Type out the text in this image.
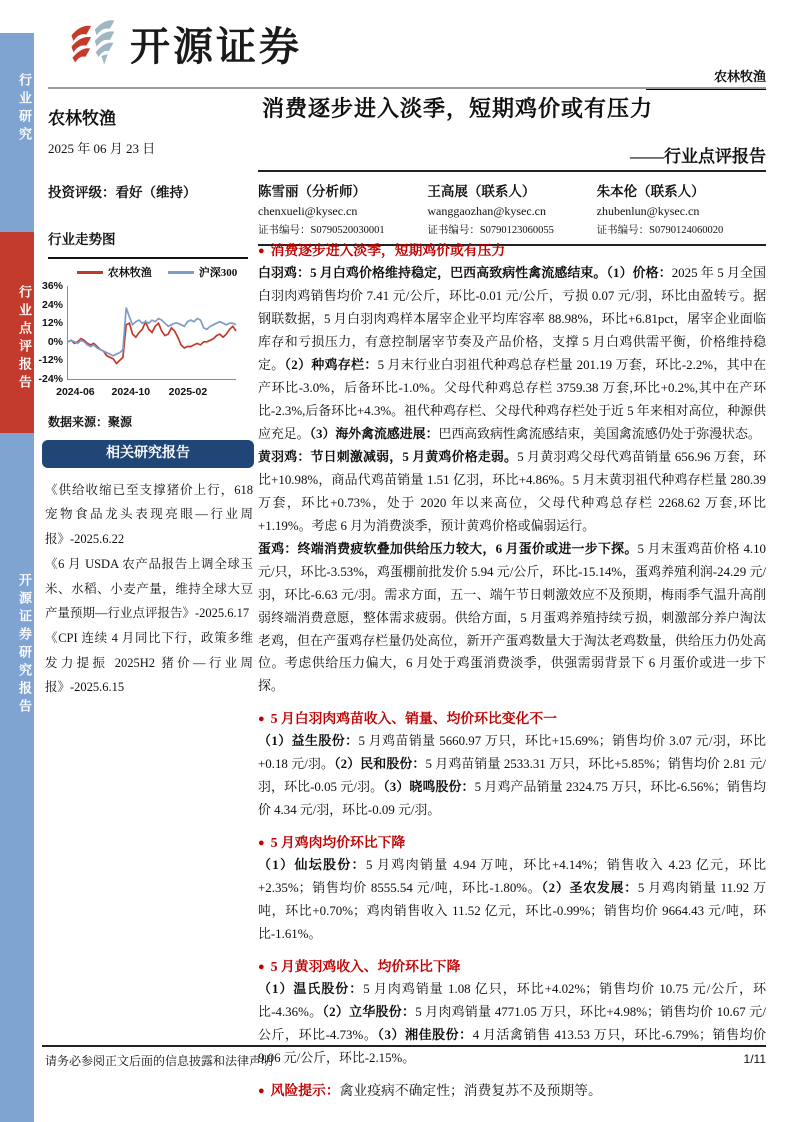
行业研究
行业点评报告
开源证券研究报告
开源证券
农林牧渔
农林牧渔
2025 年 06 月 23 日
投资评级：看好（维持）
行业走势图
农林牧渔	沪深300
36%
24%
12%
0%
-12%
-24%
2024-06	2024-10	2025-02
数据来源：聚源
相关研究报告
《供给收缩已至支撑猪价上行，618 宠物食品龙头表现亮眼—行业周报》-2025.6.22
《6 月 USDA 农产品报告上调全球玉米、水稻、小麦产量，维持全球大豆产量预期—行业点评报告》-2025.6.17
《CPI 连续 4 月同比下行，政策多维发力提振 2025H2 猪价—行业周报》-2025.6.15
消费逐步进入淡季，短期鸡价或有压力
——行业点评报告
陈雪丽（分析师）
chenxueli@kysec.cn
证书编号：S0790520030001
王高展（联系人）
wanggaozhan@kysec.cn
证书编号：S0790123060055
朱本伦（联系人）
zhubenlun@kysec.cn
证书编号：S0790124060020
● 消费逐步进入淡季，短期鸡价或有压力
白羽鸡：5 月白鸡价格维持稳定，巴西高致病性禽流感结束。（1）价格：2025 年 5 月全国白羽肉鸡销售均价 7.41 元/公斤，环比-0.01 元/公斤，亏损 0.07 元/羽，环比由盈转亏。据钢联数据，5 月白羽肉鸡样本屠宰企业平均库容率 88.98%，环比+6.81pct，屠宰企业面临库存和亏损压力，有意控制屠宰节奏及产品价格，支撑 5 月白鸡供需平衡，价格维持稳定。（2）种鸡存栏：5 月末行业白羽祖代种鸡总存栏量 201.19 万套，环比-2.2%，其中在产环比-3.0%，后备环比-1.0%。父母代种鸡总存栏 3759.38 万套,环比+0.2%,其中在产环比-2.3%,后备环比+4.3%。祖代种鸡存栏、父母代种鸡存栏处于近 5 年来相对高位，种源供应充足。（3）海外禽流感进展：巴西高致病性禽流感结束，美国禽流感仍处于弥漫状态。
黄羽鸡：节日刺激减弱，5 月黄鸡价格走弱。5 月黄羽鸡父母代鸡苗销量 656.96 万套，环比+10.98%，商品代鸡苗销量 1.51 亿羽，环比+4.86%。5 月末黄羽祖代种鸡存栏量 280.39 万套，环比+0.73%，处于 2020 年以来高位，父母代种鸡总存栏 2268.62 万套,环比+1.19%。考虑 6 月为消费淡季，预计黄鸡价格或偏弱运行。
蛋鸡：终端消费疲软叠加供给压力较大，6 月蛋价或进一步下探。5 月末蛋鸡苗价格 4.10 元/只，环比-3.53%，鸡蛋棚前批发价 5.94 元/公斤，环比-15.14%，蛋鸡养殖利润-24.29 元/羽，环比-6.63 元/羽。需求方面，五一、端午节日刺激效应不及预期，梅雨季气温升高削弱终端消费意愿，整体需求疲弱。供给方面，5 月蛋鸡养殖持续亏损，刺激部分养户淘汰老鸡，但在产蛋鸡存栏量仍处高位，新开产蛋鸡数量大于淘汰老鸡数量，供给压力仍处高位。考虑供给压力偏大，6 月处于鸡蛋消费淡季，供强需弱背景下 6 月蛋价或进一步下探。
● 5 月白羽肉鸡苗收入、销量、均价环比变化不一
（1）益生股份：5 月鸡苗销量 5660.97 万只，环比+15.69%；销售均价 3.07 元/羽，环比+0.18 元/羽。（2）民和股份：5 月鸡苗销量 2533.31 万只，环比+5.85%；销售均价 2.81 元/羽，环比-0.05 元/羽。（3）晓鸣股份：5 月鸡产品销量 2324.75 万只，环比-6.56%；销售均价 4.34 元/羽，环比-0.09 元/羽。
● 5 月鸡肉均价环比下降
（1）仙坛股份：5 月鸡肉销量 4.94 万吨，环比+4.14%；销售收入 4.23 亿元，环比+2.35%；销售均价 8555.54 元/吨，环比-1.80%。（2）圣农发展：5 月鸡肉销量 11.92 万吨，环比+0.70%；鸡肉销售收入 11.52 亿元，环比-0.99%；销售均价 9664.43 元/吨，环比-1.61%。
● 5 月黄羽鸡收入、均价环比下降
（1）温氏股份：5 月肉鸡销量 1.08 亿只，环比+4.02%；销售均价 10.75 元/公斤，环比-4.36%。（2）立华股份：5 月肉鸡销量 4771.05 万只，环比+4.98%；销售均价 10.67 元/公斤，环比-4.73%。（3）湘佳股份：4 月活禽销售 413.53 万只，环比-6.79%；销售均价 9.06 元/公斤，环比-2.15%。
● 风险提示：禽业疫病不确定性；消费复苏不及预期等。
请务必参阅正文后面的信息披露和法律声明	1/11
